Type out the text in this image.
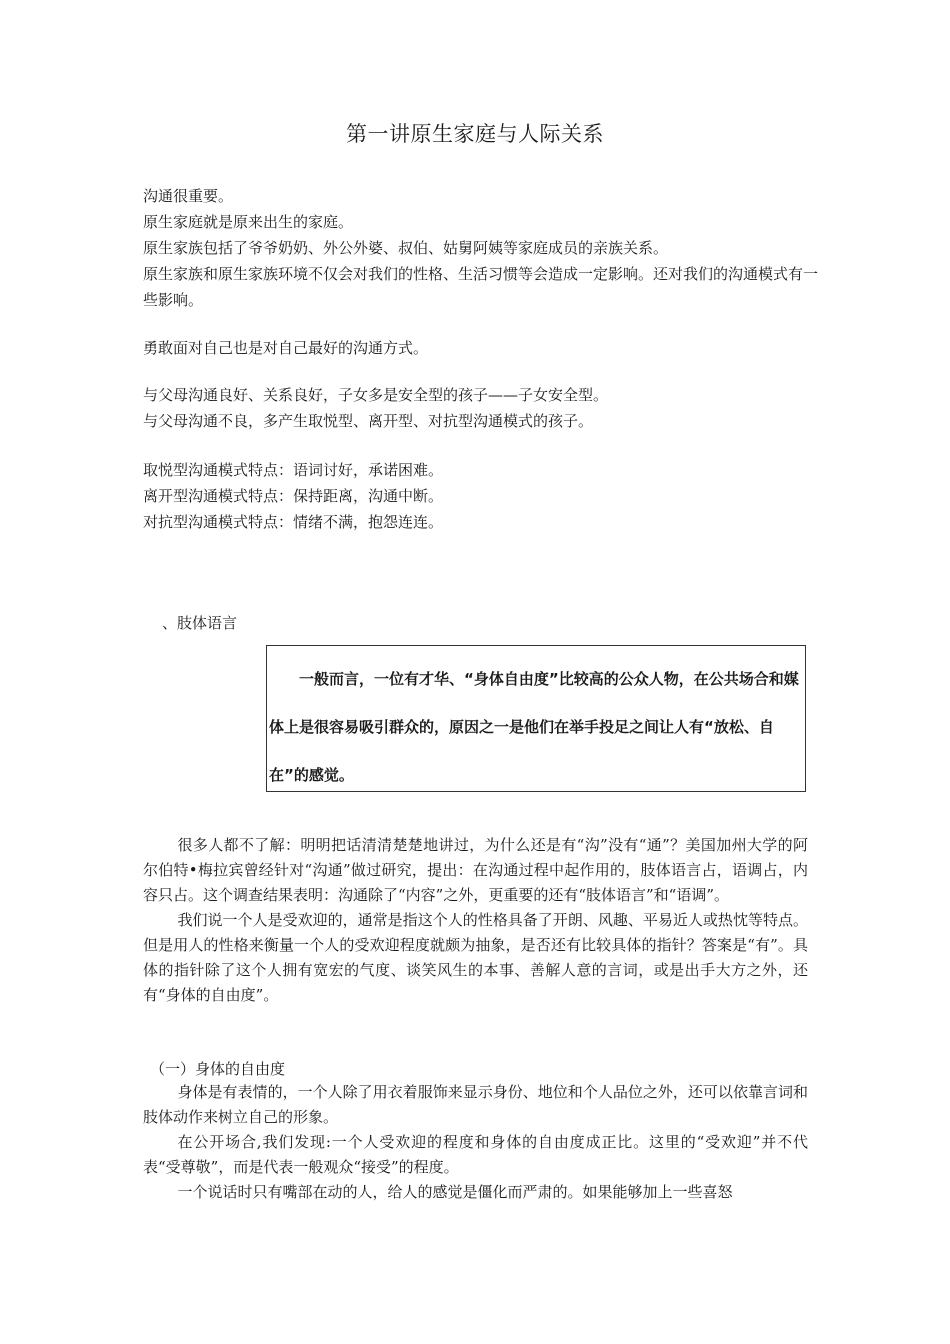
第一讲原生家庭与人际关系

沟通很重要。

原生家庭就是原来出生的家庭。

原生家族包括了爷爷奶奶、外公外婆、叔伯、姑舅阿姨等家庭成员的亲族关系。

原生家族和原生家族环境不仅会对我们的性格、生活习惯等会造成一定影响。还对我们的沟通模式有一些影响。

勇敢面对自己也是对自己最好的沟通方式。

与父母沟通良好、关系良好，子女多是安全型的孩子——子女安全型。

与父母沟通不良，多产生取悦型、离开型、对抗型沟通模式的孩子。

取悦型沟通模式特点：语词讨好，承诺困难。

离开型沟通模式特点：保持距离，沟通中断。

对抗型沟通模式特点：情绪不满，抱怨连连。

、肢体语言

一般而言，一位有才华、“身体自由度”比较高的公众人物，在公共场合和媒体上是很容易吸引群众的，原因之一是他们在举手投足之间让人有“放松、自在”的感觉。

很多人都不了解：明明把话清清楚楚地讲过，为什么还是有“沟”没有“通”？美国加州大学的阿尔伯特•梅拉宾曾经针对“沟通”做过研究，提出：在沟通过程中起作用的，肢体语言占，语调占，内容只占。这个调查结果表明：沟通除了“内容”之外，更重要的还有“肢体语言”和“语调”。

我们说一个人是受欢迎的，通常是指这个人的性格具备了开朗、风趣、平易近人或热忱等特点。但是用人的性格来衡量一个人的受欢迎程度就颇为抽象，是否还有比较具体的指针？答案是“有”。具体的指针除了这个人拥有宽宏的气度、谈笑风生的本事、善解人意的言词，或是出手大方之外，还有“身体的自由度”。

（一）身体的自由度

身体是有表情的，一个人除了用衣着服饰来显示身份、地位和个人品位之外，还可以依靠言词和肢体动作来树立自己的形象。

在公开场合,我们发现:一个人受欢迎的程度和身体的自由度成正比。这里的“受欢迎”并不代表“受尊敬”，而是代表一般观众“接受”的程度。

一个说话时只有嘴部在动的人，给人的感觉是僵化而严肃的。如果能够加上一些喜怒
